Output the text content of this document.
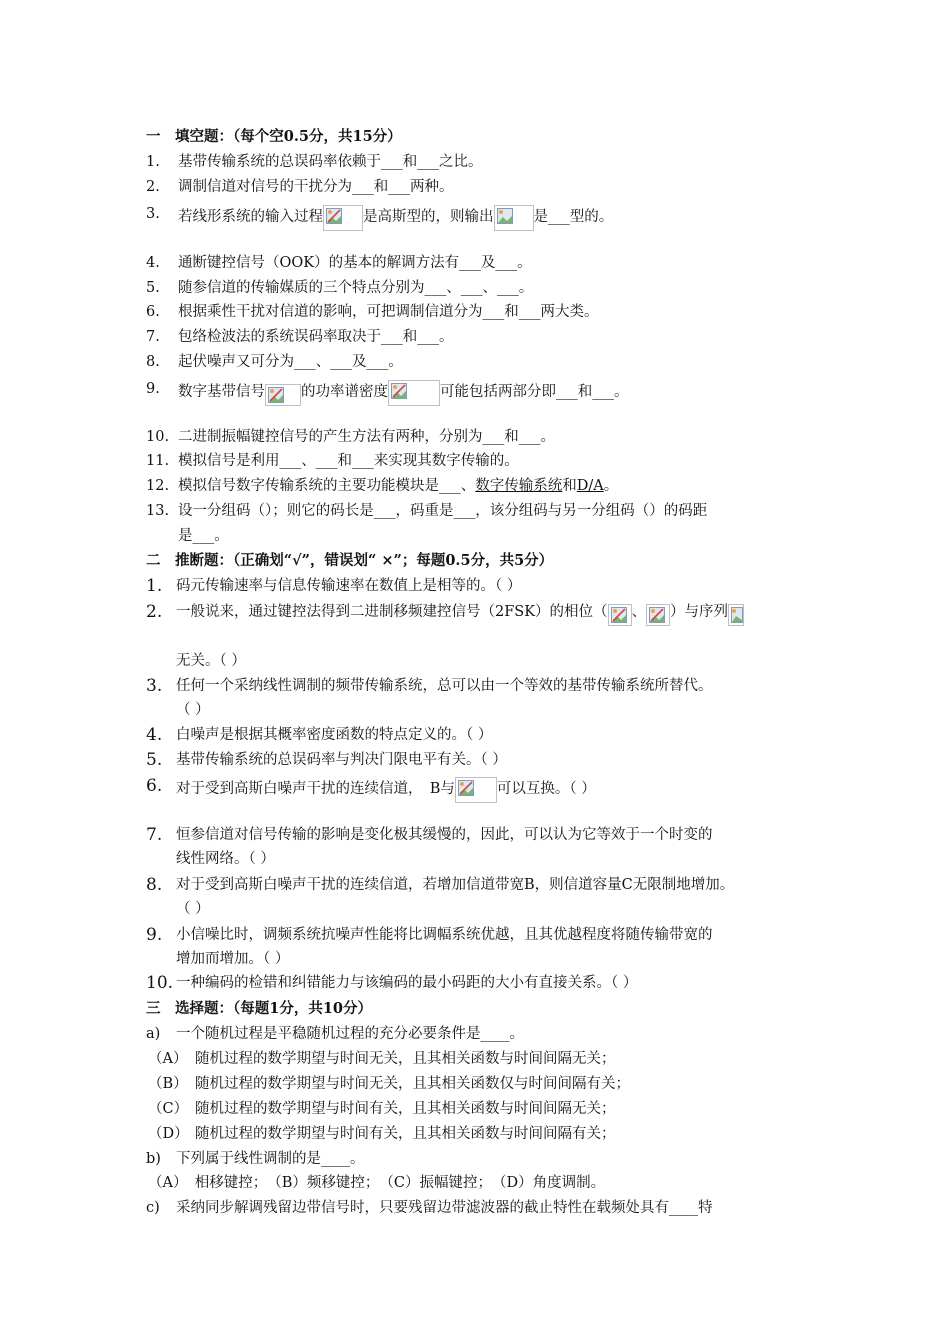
一　填空题：（每个空0.5分，共15分）
1. 基带传输系统的总误码率依赖于___和___之比。
2. 调制信道对信号的干扰分为___和___两种。
3. 若线形系统的输入过程	是高斯型的，则输出	是___型的。
4. 通断键控信号（OOK）的基本的解调方法有___及___。
5. 随参信道的传输媒质的三个特点分别为___、___、___。
6. 根据乘性干扰对信道的影响，可把调制信道分为___和___两大类。
7. 包络检波法的系统误码率取决于___和___。
8. 起伏噪声又可分为___、___及___。
9. 数字基带信号 的功率谱密度	可能包括两部分即___和___。
10. 二进制振幅键控信号的产生方法有两种，分别为___和___。
11. 模拟信号是利用___、___和___来实现其数字传输的。
12. 模拟信号数字传输系统的主要功能模块是___、数字传输系统和D/A。
13. 设一分组码（）；则它的码长是___，码重是___，该分组码与另一分组码（）的码距
是___。
二　推断题：（正确划“√”，错误划“ ×”；每题0.5分，共5分）
1. 码元传输速率与信息传输速率在数值上是相等的。（ ）
2. 一般说来，通过键控法得到二进制移频建控信号（2FSK）的相位（ 、 ）与序列
无关。（ ）
3. 任何一个采纳线性调制的频带传输系统，总可以由一个等效的基带传输系统所替代。
（ ）
4. 白噪声是根据其概率密度函数的特点定义的。（ ）
5. 基带传输系统的总误码率与判决门限电平有关。（ ）
6. 对于受到高斯白噪声干扰的连续信道，　B与	可以互换。（ ）
7. 恒参信道对信号传输的影响是变化极其缓慢的，因此，可以认为它等效于一个时变的
线性网络。（ ）
8. 对于受到高斯白噪声干扰的连续信道，若增加信道带宽B，则信道容量C无限制地增加。
（ ）
9. 小信噪比时，调频系统抗噪声性能将比调幅系统优越，且其优越程度将随传输带宽的
增加而增加。（ ）
10. 一种编码的检错和纠错能力与该编码的最小码距的大小有直接关系。（ ）
三　选择题：（每题1分，共10分）
a) 一个随机过程是平稳随机过程的充分必要条件是____。
（A） 随机过程的数学期望与时间无关，且其相关函数与时间间隔无关；
（B） 随机过程的数学期望与时间无关，且其相关函数仅与时间间隔有关；
（C） 随机过程的数学期望与时间有关，且其相关函数与时间间隔无关；
（D） 随机过程的数学期望与时间有关，且其相关函数与时间间隔有关；
b) 下列属于线性调制的是____。
（A）　相移键控；　（B）频移键控；　（C）振幅键控；　（D）角度调制。
c) 采纳同步解调残留边带信号时，只要残留边带滤波器的截止特性在载频处具有____特
